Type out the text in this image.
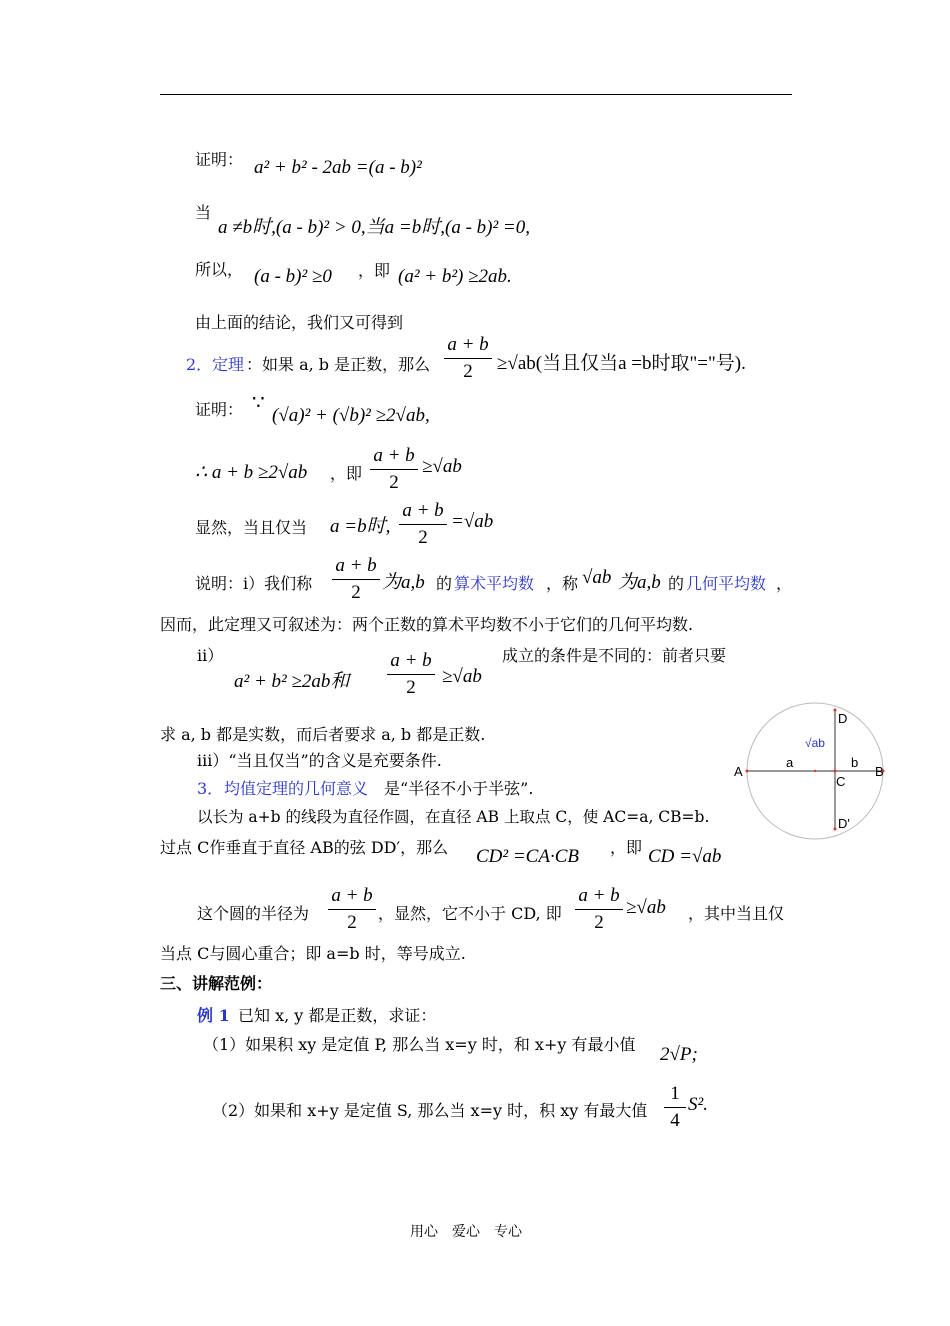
证明： a² + b² - 2ab =(a - b)²
当
a ≠b时,(a - b)² > 0,当a =b时,(a - b)² =0,
所以， (a - b)² ≥0 ，即 (a² + b²) ≥2ab.
由上面的结论，我们又可得到
2． 定理 ：如果 a, b 是正数，那么
a + b
2	≥√ab(当且仅当a =b时取"="号).
证明： ∵
(√a)² + (√b)² ≥2√ab,
∴ a + b ≥2√ab ，即
a + b
2
≥√ab
显然，当且仅当 a =b时,
a + b
2
=√ab
说明：ⅰ）我们称
a + b
2	为a,b 的 算术平均数 ，称 √ab 为a,b 的 几何平均数 ，
因而，此定理又可叙述为：两个正数的算术平均数不小于它们的几何平均数.
ⅱ）
a² + b² ≥2ab和
a + b
2
≥√ab
成立的条件是不同的：前者只要
求 a, b 都是实数，而后者要求 a, b 都是正数.
ⅲ）“当且仅当”的含义是充要条件.
3． 均值定理的几何意义 是“半径不小于半弦”.
以长为 a+b 的线段为直径作圆，在直径 AB 上取点 C，使 AC=a, CB=b.
过点 C作垂直于直径 AB的弦 DD′，那么 CD² =CA·CB ，即 CD =√ab
这个圆的半径为
a + b
2	，显然，它不小于 CD, 即
a + b
2
≥√ab ，其中当且仅
当点 C与圆心重合；即 a=b 时，等号成立.
A	B
C
D
D'
a	b
√ab
三、讲解范例：
例 1 已知 x, y 都是正数，求证：
（1）如果积 xy 是定值 P, 那么当 x=y 时，和 x+y 有最小值 2√P;
（2）如果和 x+y 是定值 S, 那么当 x=y 时，积 xy 有最大值
1
4
S².
用心　爱心　专心
